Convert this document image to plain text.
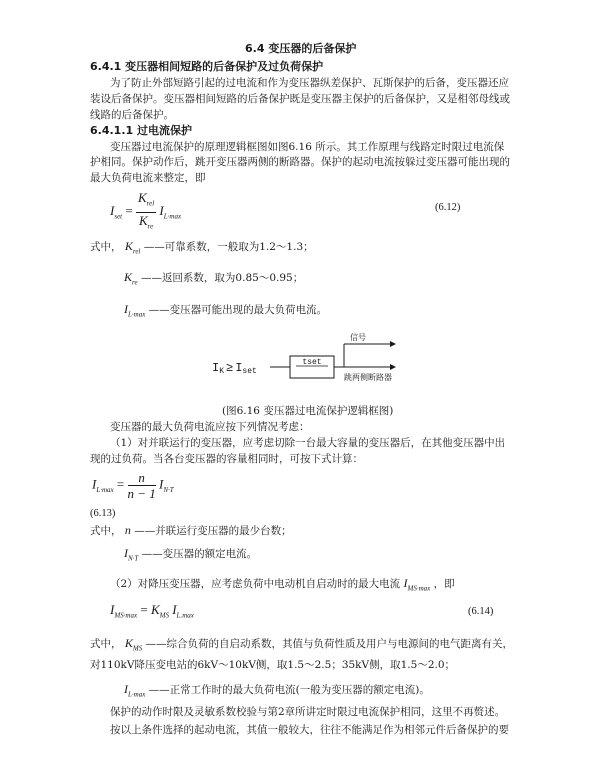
6.4 变压器的后备保护
6.4.1 变压器相间短路的后备保护及过负荷保护
为了防止外部短路引起的过电流和作为变压器纵差保护、瓦斯保护的后备，变压器还应
装设后备保护。变压器相间短路的后备保护既是变压器主保护的后备保护，又是相邻母线或
线路的后备保护。
6.4.1.1 过电流保护
变压器过电流保护的原理逻辑框图如图6.16 所示。其工作原理与线路定时限过电流保
护相同。保护动作后，跳开变压器两侧的断路器。保护的起动电流按躲过变压器可能出现的
最大负荷电流来整定，即
$I_{set} = \frac{K_{rel}}{K_{re}} I_{L\cdot max}$
(6.12)
式中， $K_{rel}$ ——可靠系数，一般取为1.2～1.3；
$K_{re}$ ——返回系数，取为0.85～0.95；
$I_{L\cdot max}$ ——变压器可能出现的最大负荷电流。
IK ≥ Iset
tset
信号
跳两侧断路器
(图6.16 变压器过电流保护逻辑框图)
变压器的最大负荷电流应按下列情况考虑：
（1）对并联运行的变压器，应考虑切除一台最大容量的变压器后，在其他变压器中出
现的过负荷。当各台变压器的容量相同时，可按下式计算：
$I_{L\cdot max} = \frac{n}{n - 1} I_{N\cdot T}$
(6.13)
式中， n ——并联运行变压器的最少台数；
$I_{N\cdot T}$ ——变压器的额定电流。
（2）对降压变压器，应考虑负荷中电动机自启动时的最大电流 $I_{MS\cdot max}$ ，即
$I_{MS\cdot max} = K_{MS}$ $I_{L.max}$	(6.14)
式中， $K_{MS}$ ——综合负荷的自启动系数，其值与负荷性质及用户与电源间的电气距离有关，
对110kV降压变电站的6kV～10kV侧，取1.5～2.5；35kV侧，取1.5～2.0；
$I_{L\cdot max}$ ——正常工作时的最大负荷电流(一般为变压器的额定电流)。
保护的动作时限及灵敏系数校验与第2章所讲定时限过电流保护相同，这里不再赘述。
按以上条件选择的起动电流，其值一般较大，往往不能满足作为相邻元件后备保护的要
